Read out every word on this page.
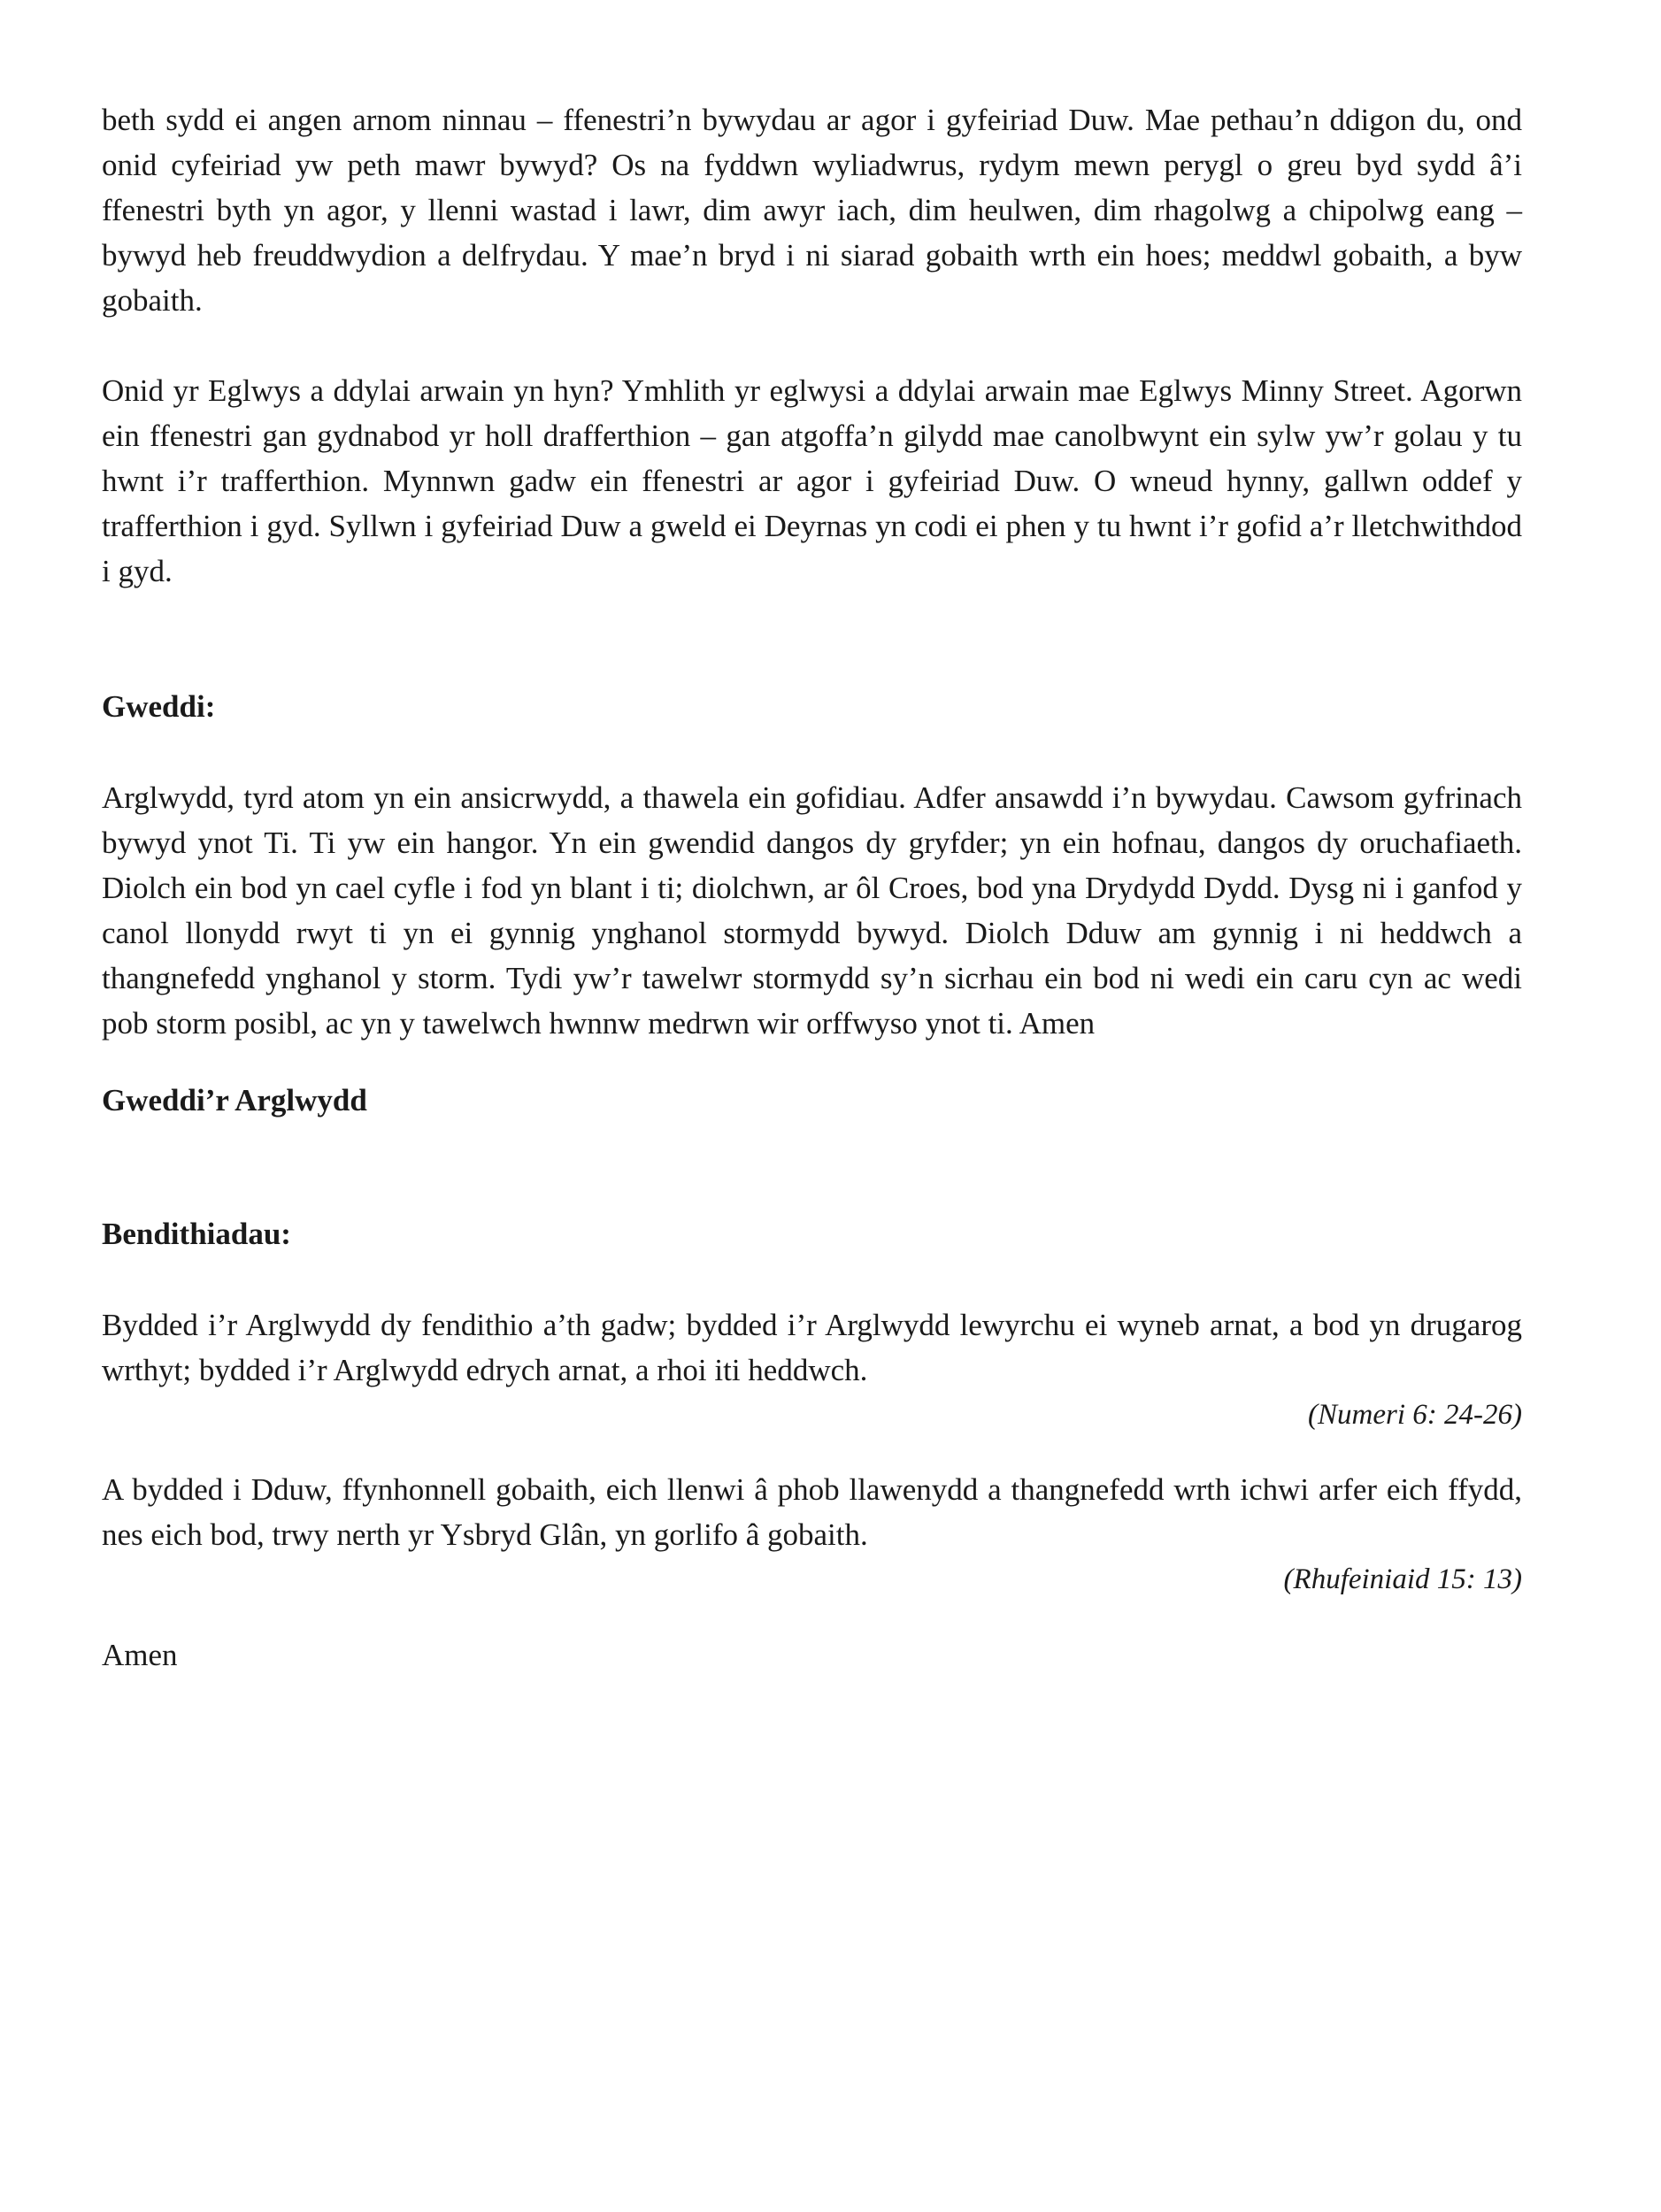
beth sydd ei angen arnom ninnau – ffenestri’n bywydau ar agor i gyfeiriad Duw. Mae pethau’n ddigon du, ond onid cyfeiriad yw peth mawr bywyd? Os na fyddwn wyliadwrus, rydym mewn perygl o greu byd sydd â’i ffenestri byth yn agor, y llenni wastad i lawr, dim awyr iach, dim heulwen, dim rhagolwg a chipolwg eang – bywyd heb freuddwydion a delfrydau. Y mae’n bryd i ni siarad gobaith wrth ein hoes; meddwl gobaith, a byw gobaith.

Onid yr Eglwys a ddylai arwain yn hyn? Ymhlith yr eglwysi a ddylai arwain mae Eglwys Minny Street. Agorwn ein ffenestri gan gydnabod yr holl drafferthion – gan atgoffa’n gilydd mae canolbwynt ein sylw yw’r golau y tu hwnt i’r trafferthion. Mynnwn gadw ein ffenestri ar agor i gyfeiriad Duw. O wneud hynny, gallwn oddef y trafferthion i gyd. Syllwn i gyfeiriad Duw a gweld ei Deyrnas yn codi ei phen y tu hwnt i’r gofid a’r lletchwithdod i gyd.

Gweddi:

Arglwydd, tyrd atom yn ein ansicrwydd, a thawela ein gofidiau. Adfer ansawdd i’n bywydau. Cawsom gyfrinach bywyd ynot Ti. Ti yw ein hangor. Yn ein gwendid dangos dy gryfder; yn ein hofnau, dangos dy oruchafiaeth. Diolch ein bod yn cael cyfle i fod yn blant i ti; diolchwn, ar ôl Croes, bod yna Drydydd Dydd. Dysg ni i ganfod y canol llonydd rwyt ti yn ei gynnig ynghanol stormydd bywyd. Diolch Dduw am gynnig i ni heddwch a thangnefedd ynghanol y storm. Tydi yw’r tawelwr stormydd sy’n sicrhau ein bod ni wedi ein caru cyn ac wedi pob storm posibl, ac yn y tawelwch hwnnw medrwn wir orffwyso ynot ti. Amen

Gweddi’r Arglwydd
Bendithiadau:

Bydded i’r Arglwydd dy fendithio a’th gadw; bydded i’r Arglwydd lewyrchu ei wyneb arnat, a bod yn drugarog wrthyt; bydded i’r Arglwydd edrych arnat, a rhoi iti heddwch.

(Numeri 6: 24-26)

A bydded i Dduw, ffynhonnell gobaith, eich llenwi â phob llawenydd a thangnefedd wrth ichwi arfer eich ffydd, nes eich bod, trwy nerth yr Ysbryd Glân, yn gorlifo â gobaith.

(Rhufeiniaid 15: 13)

Amen
